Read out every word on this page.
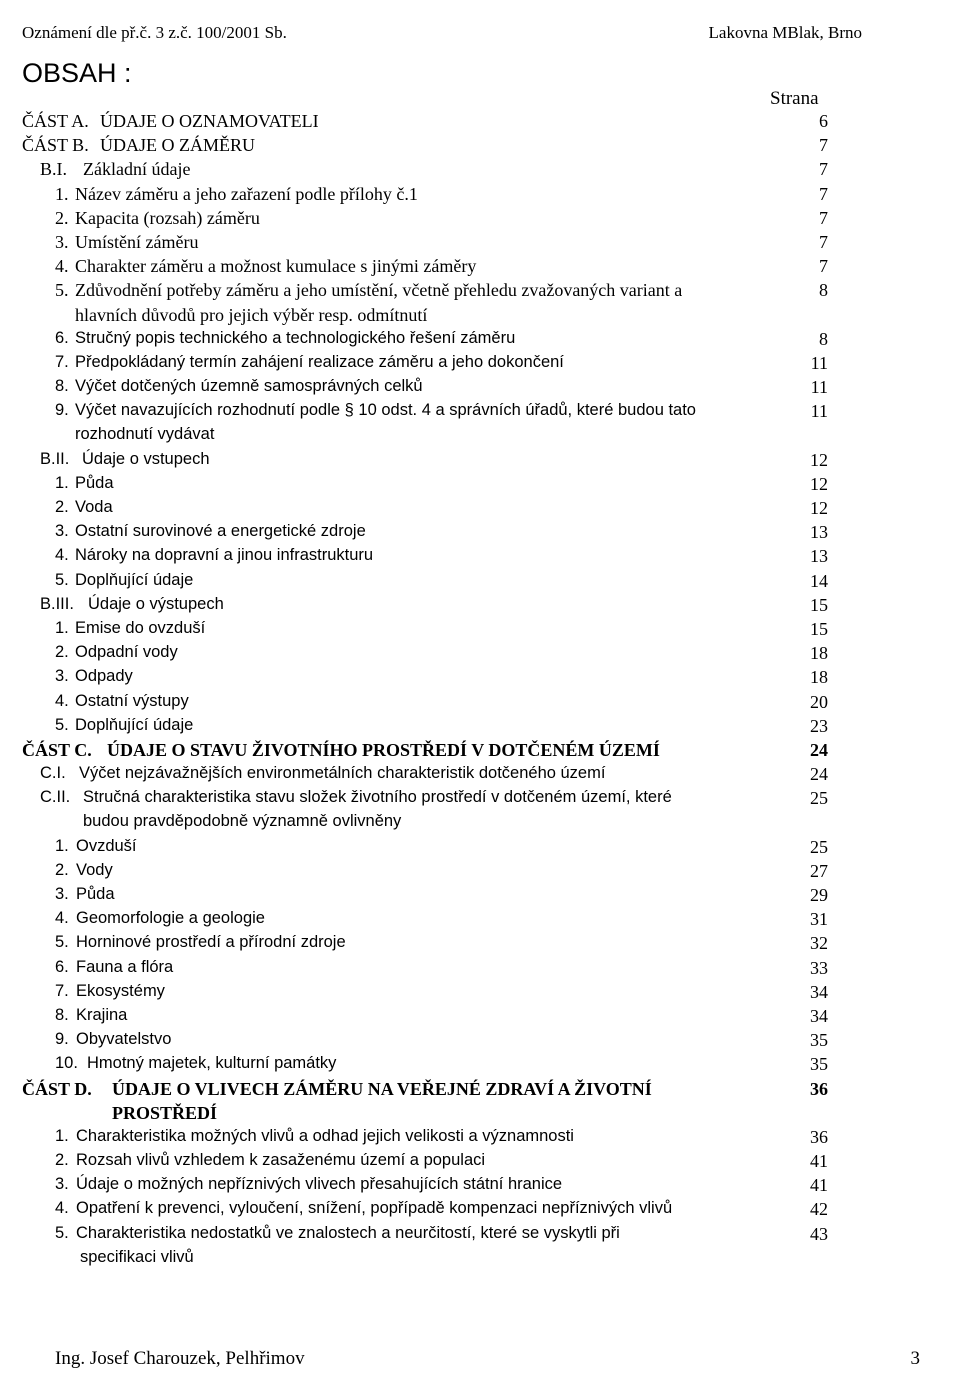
Oznámení dle př.č. 3 z.č. 100/2001 Sb.	Lakovna MBlak, Brno
OBSAH :
Strana
ČÁST A. ÚDAJE O OZNAMOVATELI	6
ČÁST B. ÚDAJE O ZÁMĚRU	7
B.I. Základní údaje	7
1. Název záměru a jeho zařazení podle přílohy č.1	7
2. Kapacita (rozsah) záměru	7
3. Umístění záměru	7
4. Charakter záměru a možnost kumulace s jinými záměry	7
5. Zdůvodnění potřeby záměru a jeho umístění, včetně přehledu zvažovaných variant a	8
hlavních důvodů pro jejich výběr resp. odmítnutí
6. Stručný popis technického a technologického řešení záměru	8
7. Předpokládaný termín zahájení realizace záměru a jeho dokončení	11
8. Výčet dotčených územně samosprávných celků	11
9. Výčet navazujících rozhodnutí podle § 10 odst. 4 a správních úřadů, které budou tato	11
rozhodnutí vydávat
B.II. Údaje o vstupech	12
1. Půda	12
2. Voda	12
3. Ostatní surovinové a energetické zdroje	13
4. Nároky na dopravní a jinou infrastrukturu	13
5. Doplňující údaje	14
B.III. Údaje o výstupech	15
1. Emise do ovzduší	15
2. Odpadní vody	18
3. Odpady	18
4. Ostatní výstupy	20
5. Doplňující údaje	23
ČÁST C. ÚDAJE O STAVU ŽIVOTNÍHO PROSTŘEDÍ V DOTČENÉM ÚZEMÍ	24
C.I. Výčet nejzávažnějších environmetálních charakteristik dotčeného území	24
C.II. Stručná charakteristika stavu složek životního prostředí v dotčeném území, které	25
budou pravděpodobně významně ovlivněny
1. Ovzduší	25
2. Vody	27
3. Půda	29
4. Geomorfologie a geologie	31
5. Horninové prostředí a přírodní zdroje	32
6. Fauna a flóra	33
7. Ekosystémy	34
8. Krajina	34
9. Obyvatelstvo	35
10. Hmotný majetek, kulturní památky	35
ČÁST D. ÚDAJE O VLIVECH ZÁMĚRU NA VEŘEJNÉ ZDRAVÍ A ŽIVOTNÍ	36
PROSTŘEDÍ
1. Charakteristika možných vlivů a odhad jejich velikosti a významnosti	36
2. Rozsah vlivů vzhledem k zasaženému území a populaci	41
3. Údaje o možných nepříznivých vlivech přesahujících státní hranice	41
4. Opatření k prevenci, vyloučení, snížení, popřípadě kompenzaci nepříznivých vlivů	42
5. Charakteristika nedostatků ve znalostech a neurčitostí, které se vyskytli při	43
specifikaci vlivů
Ing. Josef Charouzek, Pelhřimov	3
